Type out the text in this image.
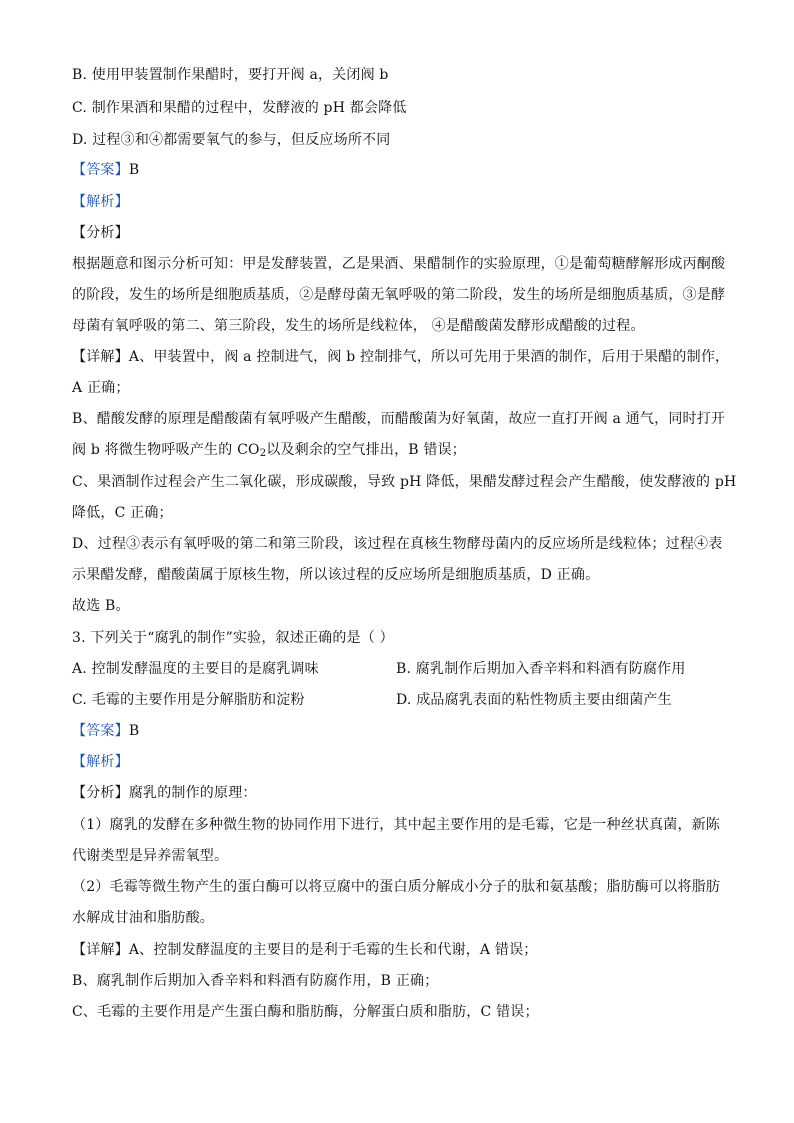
B. 使用甲装置制作果醋时，要打开阀 a，关闭阀 b
C. 制作果酒和果醋的过程中，发酵液的 pH 都会降低
D. 过程③和④都需要氧气的参与，但反应场所不同
【答案】B
【解析】
【分析】
根据题意和图示分析可知：甲是发酵装置，乙是果酒、果醋制作的实验原理，①是葡萄糖酵解形成丙酮酸
的阶段，发生的场所是细胞质基质，②是酵母菌无氧呼吸的第二阶段，发生的场所是细胞质基质，③是酵
母菌有氧呼吸的第二、第三阶段，发生的场所是线粒体， ④是醋酸菌发酵形成醋酸的过程。
【详解】A、甲装置中，阀 a 控制进气，阀 b 控制排气，所以可先用于果酒的制作，后用于果醋的制作，
A 正确；
B、醋酸发酵的原理是醋酸菌有氧呼吸产生醋酸，而醋酸菌为好氧菌，故应一直打开阀 a 通气，同时打开
阀 b 将微生物呼吸产生的 $CO_2$以及剩余的空气排出，B 错误；
C、果酒制作过程会产生二氧化碳，形成碳酸，导致 pH 降低，果醋发酵过程会产生醋酸，使发酵液的 pH
降低，C 正确；
D、过程③表示有氧呼吸的第二和第三阶段，该过程在真核生物酵母菌内的反应场所是线粒体；过程④表
示果醋发酵，醋酸菌属于原核生物，所以该过程的反应场所是细胞质基质，D 正确。
故选 B。
3. 下列关于“腐乳的制作”实验，叙述正确的是（ ）
A. 控制发酵温度的主要目的是腐乳调味	B. 腐乳制作后期加入香辛料和料酒有防腐作用
C. 毛霉的主要作用是分解脂肪和淀粉	D. 成品腐乳表面的粘性物质主要由细菌产生
【答案】B
【解析】
【分析】腐乳的制作的原理：
（1）腐乳的发酵在多种微生物的协同作用下进行，其中起主要作用的是毛霉，它是一种丝状真菌，新陈
代谢类型是异养需氧型。
（2）毛霉等微生物产生的蛋白酶可以将豆腐中的蛋白质分解成小分子的肽和氨基酸；脂肪酶可以将脂肪
水解成甘油和脂肪酸。
【详解】A、控制发酵温度的主要目的是利于毛霉的生长和代谢，A 错误；
B、腐乳制作后期加入香辛料和料酒有防腐作用，B 正确；
C、毛霉的主要作用是产生蛋白酶和脂肪酶，分解蛋白质和脂肪，C 错误；
